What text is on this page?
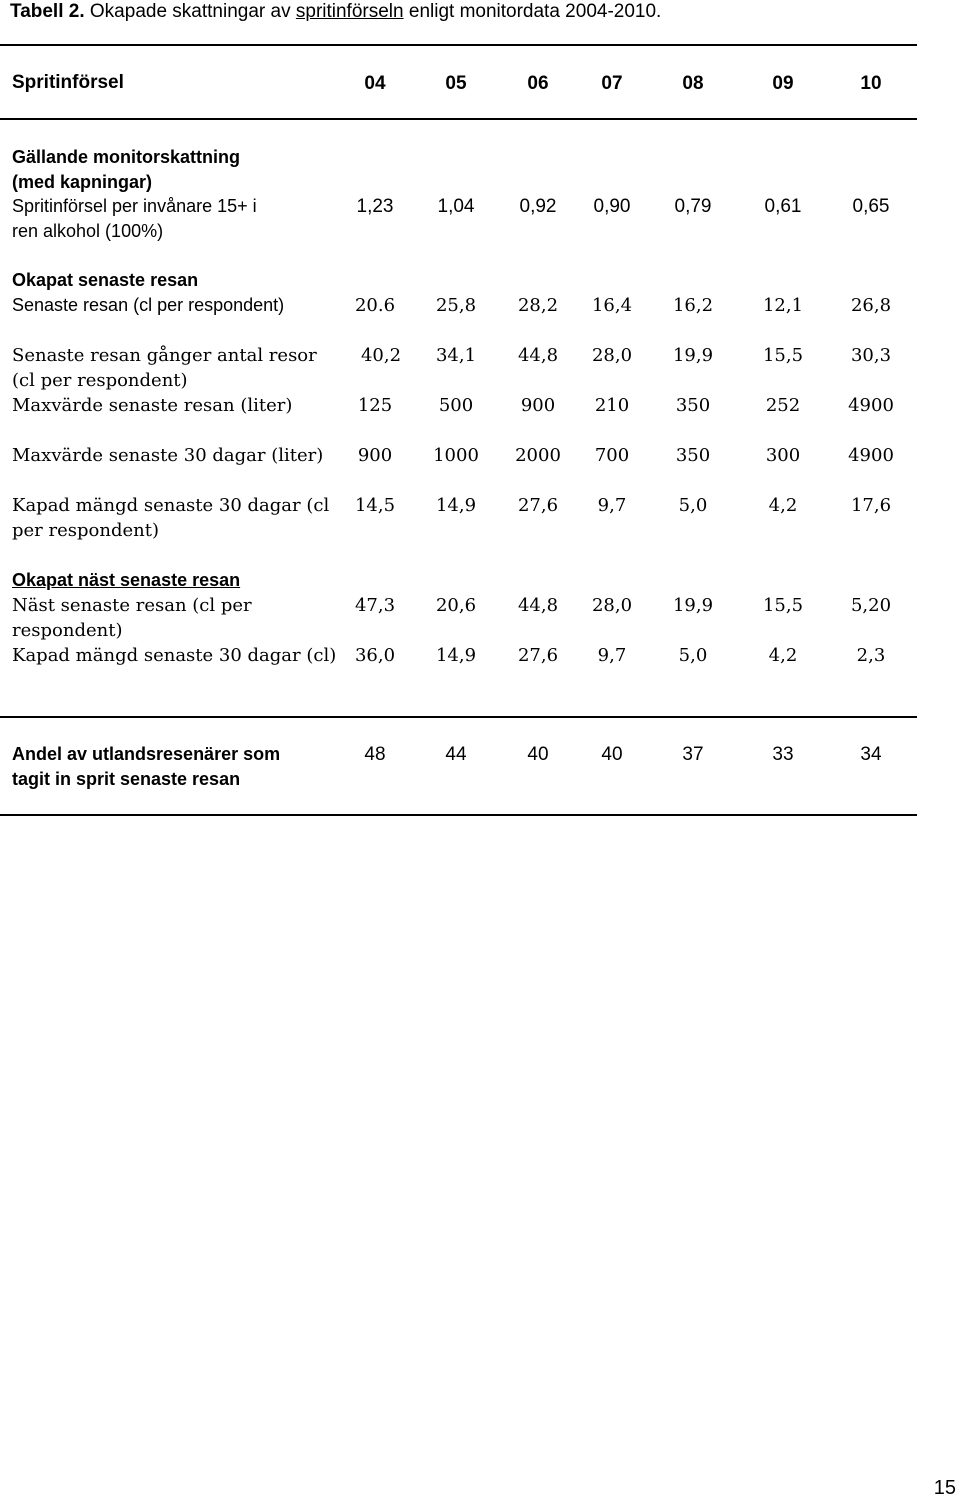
Tabell 2. Okapade skattningar av spritinförseln enligt monitordata 2004-2010.
Spritinförsel	04	05	06	07	08	09	10
Gällande monitorskattning
(med kapningar)
Spritinförsel per invånare 15+ i
ren alkohol (100%)
1,23	1,04	0,92	0,90	0,79	0,61	0,65
Okapat senaste resan
Senaste resan (cl per respondent)	20.6	25,8	28,2	16,4	16,2	12,1	26,8
Senaste resan gånger antal resor
(cl per respondent)
40,2	34,1	44,8	28,0	19,9	15,5	30,3
Maxvärde senaste resan (liter)	125	500	900	210	350	252	4900
Maxvärde senaste 30 dagar (liter)	900	1000	2000	700	350	300	4900
Kapad mängd senaste 30 dagar (cl
per respondent)
14,5	14,9	27,6	9,7	5,0	4,2	17,6
Okapat näst senaste resan
Näst senaste resan (cl per
respondent)
47,3	20,6	44,8	28,0	19,9	15,5	5,20
Kapad mängd senaste 30 dagar (cl)	36,0	14,9	27,6	9,7	5,0	4,2	2,3
Andel av utlandsresenärer som
tagit in sprit senaste resan
48	44	40	40	37	33	34
15
